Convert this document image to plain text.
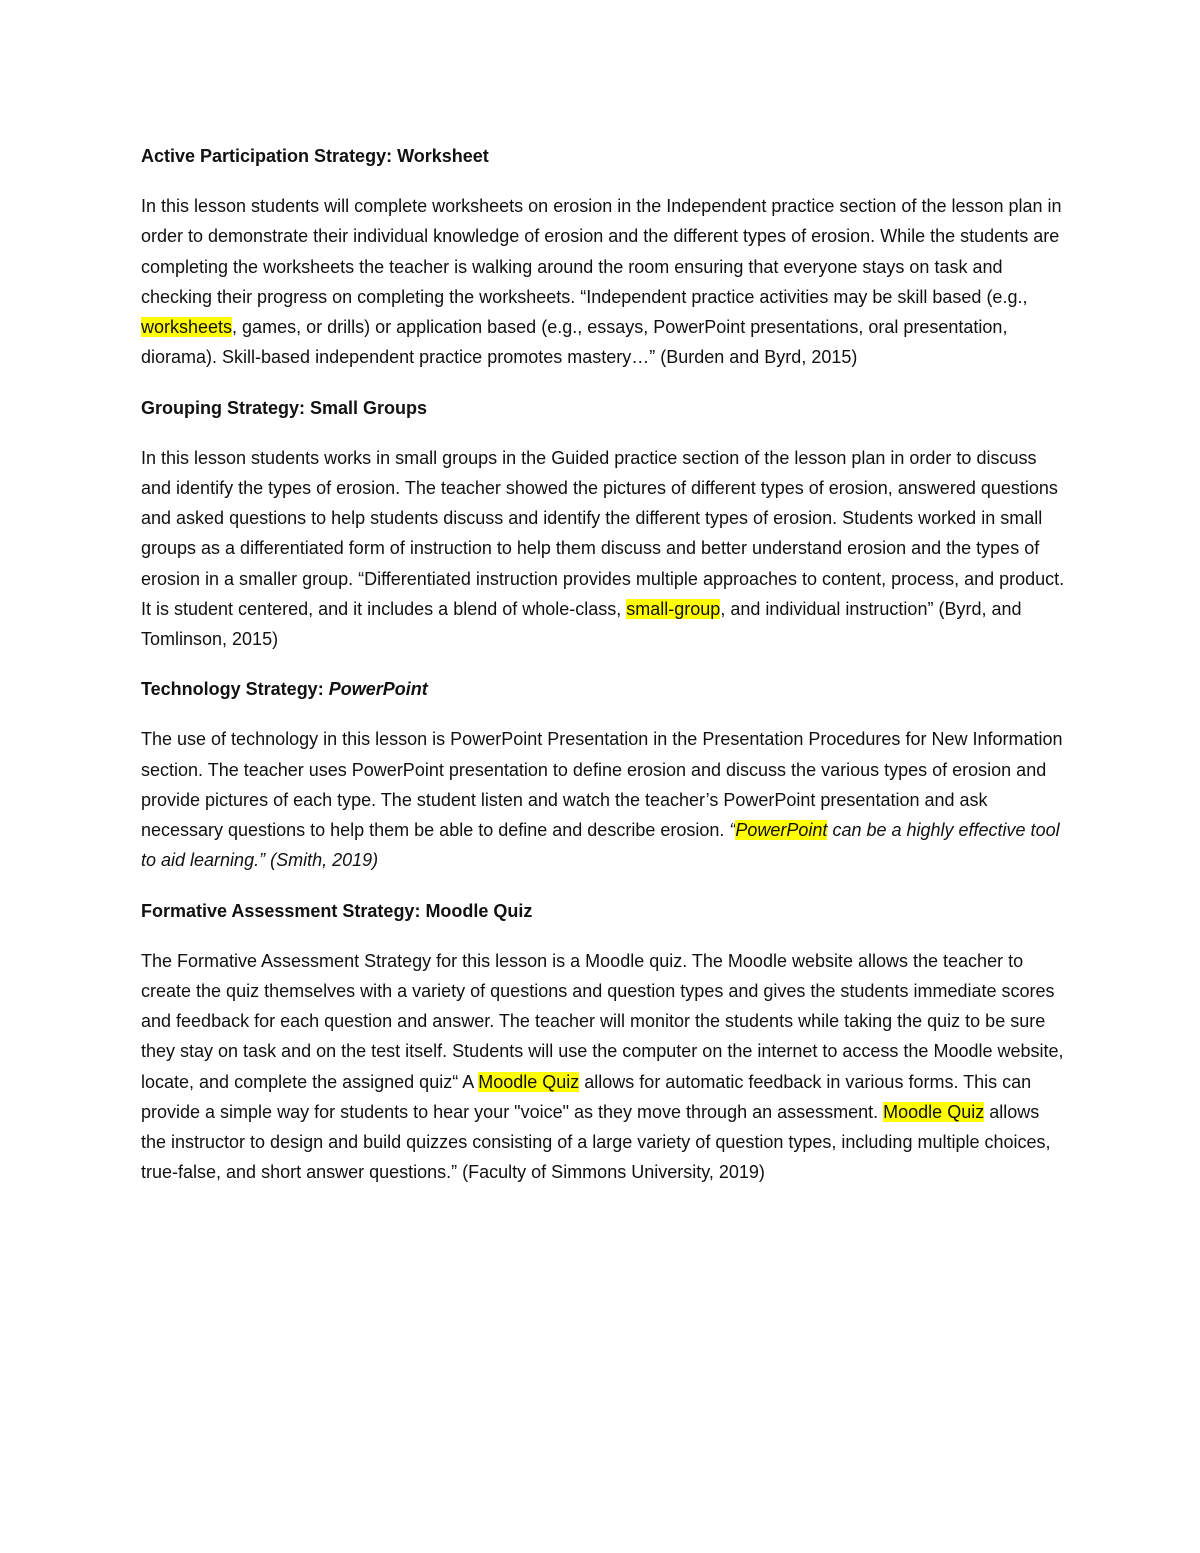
Active Participation Strategy: Worksheet

In this lesson students will complete worksheets on erosion in the Independent practice section of the lesson plan in order to demonstrate their individual knowledge of erosion and the different types of erosion. While the students are completing the worksheets the teacher is walking around the room ensuring that everyone stays on task and checking their progress on completing the worksheets. “Independent practice activities may be skill based (e.g., worksheets, games, or drills) or application based (e.g., essays, PowerPoint presentations, oral presentation, diorama). Skill-based independent practice promotes mastery…” (Burden and Byrd, 2015)

Grouping Strategy: Small Groups

In this lesson students works in small groups in the Guided practice section of the lesson plan in order to discuss and identify the types of erosion. The teacher showed the pictures of different types of erosion, answered questions and asked questions to help students discuss and identify the different types of erosion. Students worked in small groups as a differentiated form of instruction to help them discuss and better understand erosion and the types of erosion in a smaller group. “Differentiated instruction provides multiple approaches to content, process, and product. It is student centered, and it includes a blend of whole-class, small-group, and individual instruction” (Byrd, and Tomlinson, 2015)

Technology Strategy: PowerPoint

The use of technology in this lesson is PowerPoint Presentation in the Presentation Procedures for New Information section. The teacher uses PowerPoint presentation to define erosion and discuss the various types of erosion and provide pictures of each type. The student listen and watch the teacher’s PowerPoint presentation and ask necessary questions to help them be able to define and describe erosion. “PowerPoint can be a highly effective tool to aid learning.” (Smith, 2019)

Formative Assessment Strategy: Moodle Quiz

The Formative Assessment Strategy for this lesson is a Moodle quiz. The Moodle website allows the teacher to create the quiz themselves with a variety of questions and question types and gives the students immediate scores and feedback for each question and answer. The teacher will monitor the students while taking the quiz to be sure they stay on task and on the test itself. Students will use the computer on the internet to access the Moodle website, locate, and complete the assigned quiz“ A Moodle Quiz allows for automatic feedback in various forms. This can provide a simple way for students to hear your "voice" as they move through an assessment. Moodle Quiz allows the instructor to design and build quizzes consisting of a large variety of question types, including multiple choices, true-false, and short answer questions.” (Faculty of Simmons University, 2019)
